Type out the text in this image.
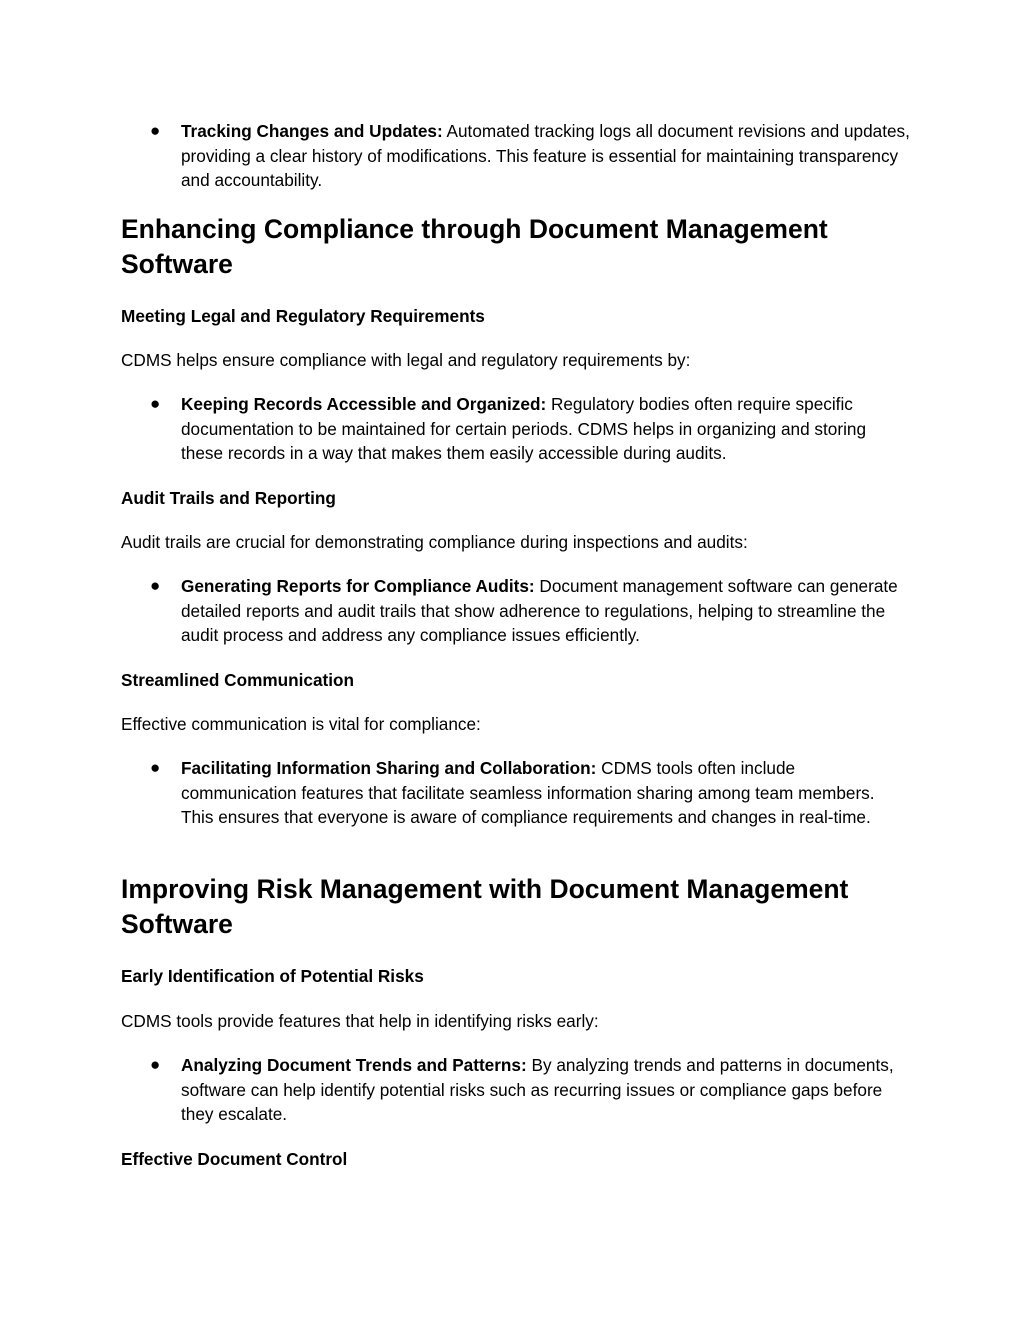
●	Tracking Changes and Updates: Automated tracking logs all document revisions and updates, providing a clear history of modifications. This feature is essential for maintaining transparency and accountability.
Enhancing Compliance through Document Management Software
Meeting Legal and Regulatory Requirements

CDMS helps ensure compliance with legal and regulatory requirements by:

●	Keeping Records Accessible and Organized: Regulatory bodies often require specific documentation to be maintained for certain periods. CDMS helps in organizing and storing these records in a way that makes them easily accessible during audits.
Audit Trails and Reporting

Audit trails are crucial for demonstrating compliance during inspections and audits:

●	Generating Reports for Compliance Audits: Document management software can generate detailed reports and audit trails that show adherence to regulations, helping to streamline the audit process and address any compliance issues efficiently.
Streamlined Communication

Effective communication is vital for compliance:

●	Facilitating Information Sharing and Collaboration: CDMS tools often include communication features that facilitate seamless information sharing among team members. This ensures that everyone is aware of compliance requirements and changes in real-time.
Improving Risk Management with Document Management Software
Early Identification of Potential Risks

CDMS tools provide features that help in identifying risks early:

●	Analyzing Document Trends and Patterns: By analyzing trends and patterns in documents, software can help identify potential risks such as recurring issues or compliance gaps before they escalate.
Effective Document Control
